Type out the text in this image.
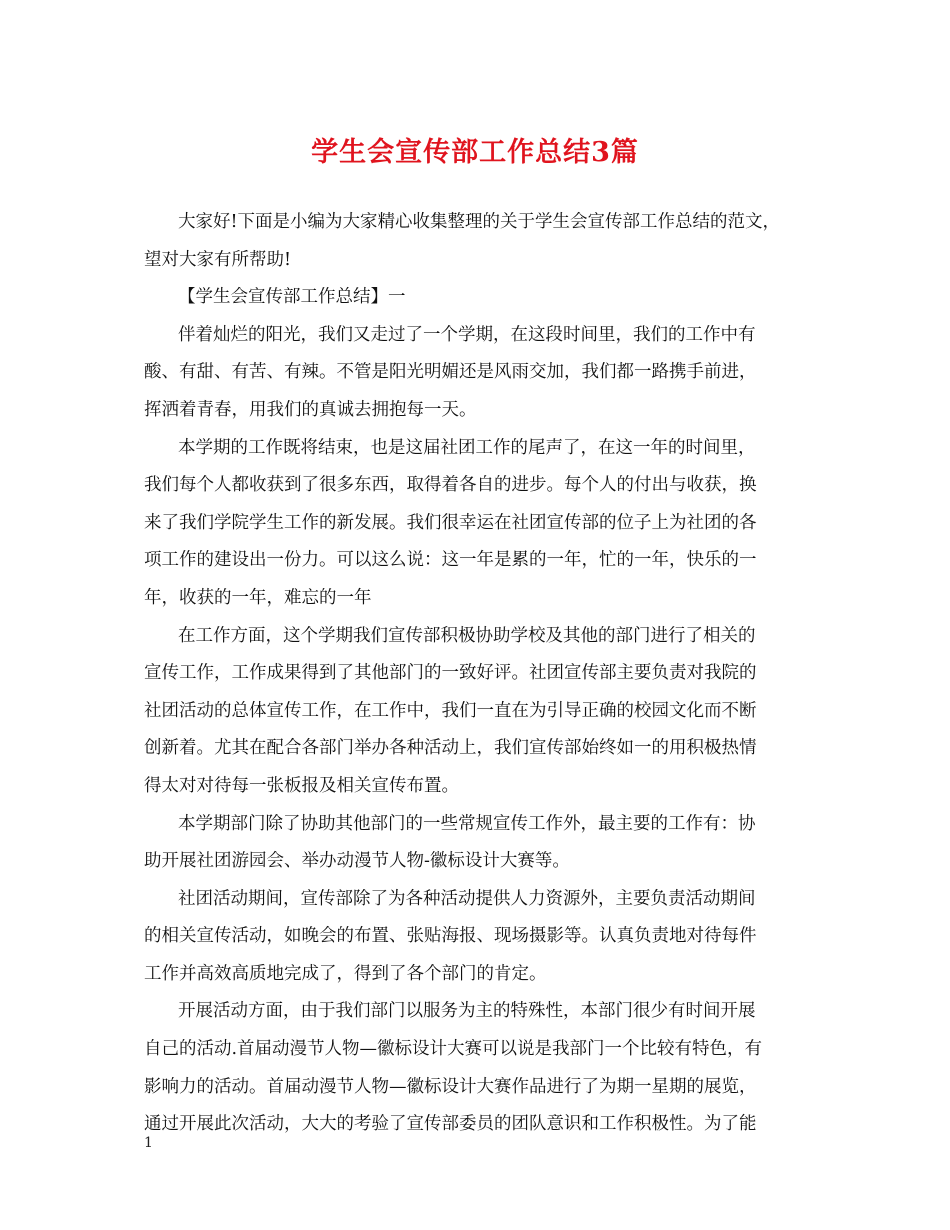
学生会宣传部工作总结3篇
大家好!下面是小编为大家精心收集整理的关于学生会宣传部工作总结的范文，
望对大家有所帮助!
【学生会宣传部工作总结】一
伴着灿烂的阳光，我们又走过了一个学期，在这段时间里，我们的工作中有
酸、有甜、有苦、有辣。不管是阳光明媚还是风雨交加，我们都一路携手前进，
挥洒着青春，用我们的真诚去拥抱每一天。
本学期的工作既将结束，也是这届社团工作的尾声了，在这一年的时间里，
我们每个人都收获到了很多东西，取得着各自的进步。每个人的付出与收获，换
来了我们学院学生工作的新发展。我们很幸运在社团宣传部的位子上为社团的各
项工作的建设出一份力。可以这么说：这一年是累的一年，忙的一年，快乐的一
年，收获的一年，难忘的一年
在工作方面，这个学期我们宣传部积极协助学校及其他的部门进行了相关的
宣传工作，工作成果得到了其他部门的一致好评。社团宣传部主要负责对我院的
社团活动的总体宣传工作，在工作中，我们一直在为引导正确的校园文化而不断
创新着。尤其在配合各部门举办各种活动上，我们宣传部始终如一的用积极热情
得太对对待每一张板报及相关宣传布置。
本学期部门除了协助其他部门的一些常规宣传工作外，最主要的工作有：协
助开展社团游园会、举办动漫节人物-徽标设计大赛等。
社团活动期间，宣传部除了为各种活动提供人力资源外，主要负责活动期间
的相关宣传活动，如晚会的布置、张贴海报、现场摄影等。认真负责地对待每件
工作并高效高质地完成了，得到了各个部门的肯定。
开展活动方面，由于我们部门以服务为主的特殊性，本部门很少有时间开展
自己的活动.首届动漫节人物—徽标设计大赛可以说是我部门一个比较有特色，有
影响力的活动。首届动漫节人物—徽标设计大赛作品进行了为期一星期的展览，
通过开展此次活动，大大的考验了宣传部委员的团队意识和工作积极性。为了能
1
